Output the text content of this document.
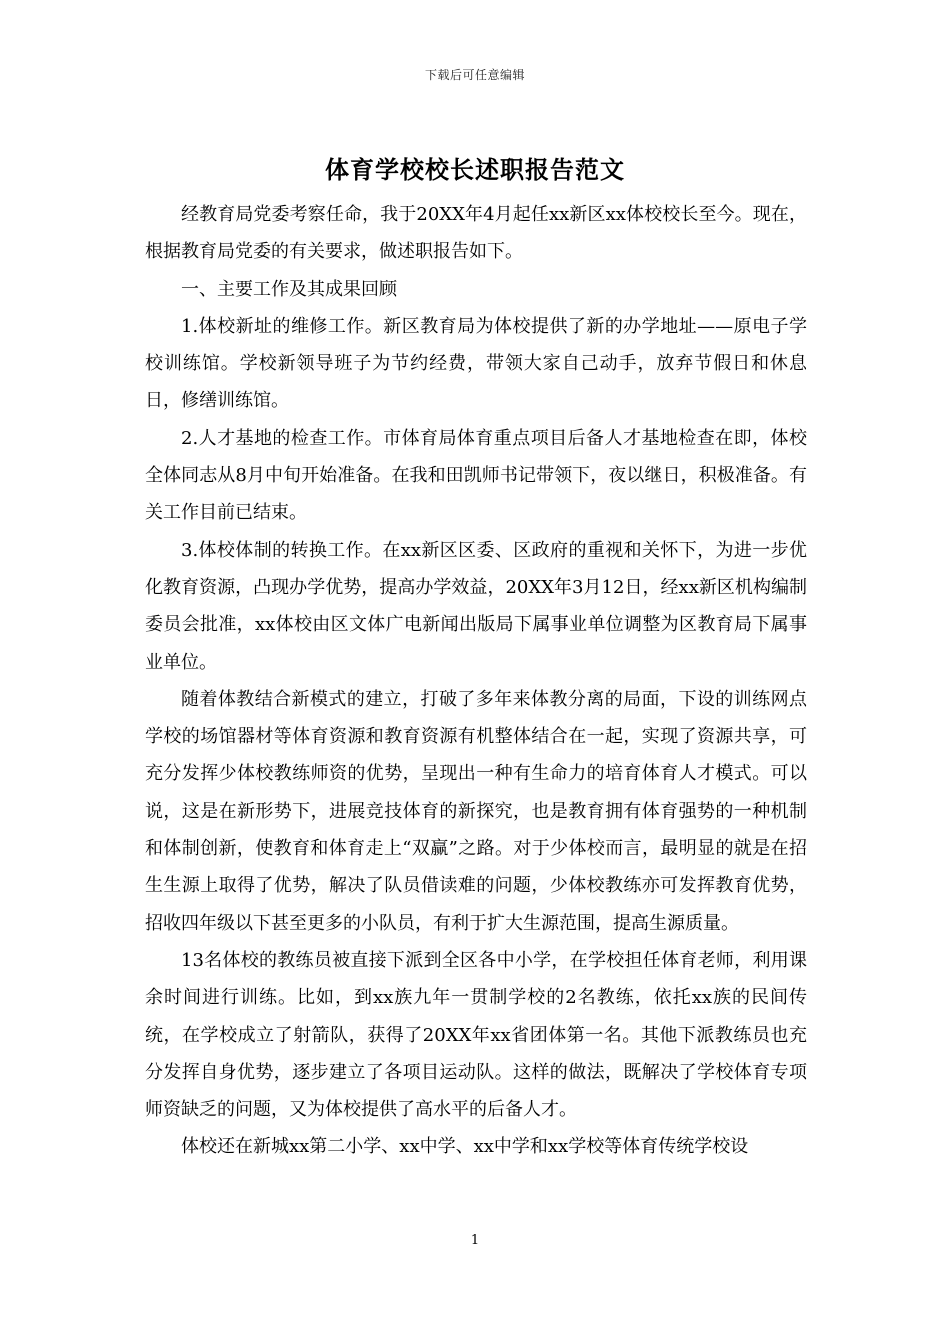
下载后可任意编辑
体育学校校长述职报告范文

经教育局党委考察任命，我于20XX年4月起任xx新区xx体校校长至今。现在，根据教育局党委的有关要求，做述职报告如下。

一、主要工作及其成果回顾

1.体校新址的维修工作。新区教育局为体校提供了新的办学地址——原电子学校训练馆。学校新领导班子为节约经费，带领大家自己动手，放弃节假日和休息日，修缮训练馆。

2.人才基地的检查工作。市体育局体育重点项目后备人才基地检查在即，体校全体同志从8月中旬开始准备。在我和田凯师书记带领下，夜以继日，积极准备。有关工作目前已结束。

3.体校体制的转换工作。在xx新区区委、区政府的重视和关怀下，为进一步优化教育资源，凸现办学优势，提高办学效益，20XX年3月12日，经xx新区机构编制委员会批准，xx体校由区文体广电新闻出版局下属事业单位调整为区教育局下属事业单位。

随着体教结合新模式的建立，打破了多年来体教分离的局面，下设的训练网点学校的场馆器材等体育资源和教育资源有机整体结合在一起，实现了资源共享，可充分发挥少体校教练师资的优势，呈现出一种有生命力的培育体育人才模式。可以说，这是在新形势下，进展竞技体育的新探究，也是教育拥有体育强势的一种机制和体制创新，使教育和体育走上“双赢”之路。对于少体校而言，最明显的就是在招生生源上取得了优势，解决了队员借读难的问题，少体校教练亦可发挥教育优势，招收四年级以下甚至更多的小队员，有利于扩大生源范围，提高生源质量。

13名体校的教练员被直接下派到全区各中小学，在学校担任体育老师，利用课余时间进行训练。比如，到xx族九年一贯制学校的2名教练，依托xx族的民间传统，在学校成立了射箭队，获得了20XX年xx省团体第一名。其他下派教练员也充分发挥自身优势，逐步建立了各项目运动队。这样的做法，既解决了学校体育专项师资缺乏的问题，又为体校提供了高水平的后备人才。

体校还在新城xx第二小学、xx中学、xx中学和xx学校等体育传统学校设

1
